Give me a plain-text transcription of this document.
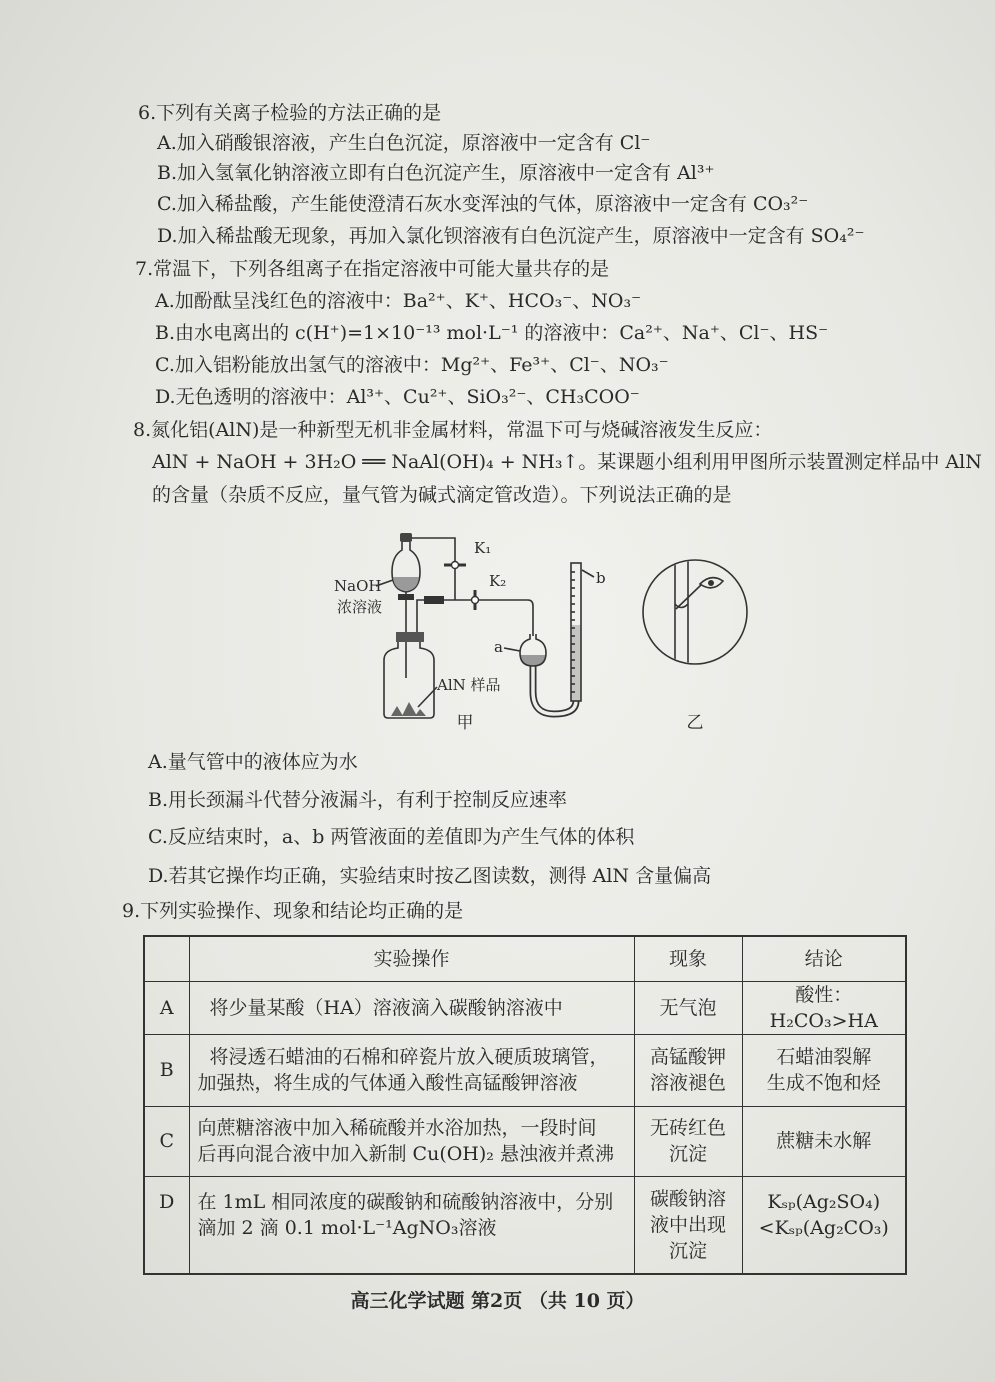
6.下列有关离子检验的方法正确的是
A.加入硝酸银溶液，产生白色沉淀，原溶液中一定含有 Cl⁻
B.加入氢氧化钠溶液立即有白色沉淀产生，原溶液中一定含有 Al³⁺
C.加入稀盐酸，产生能使澄清石灰水变浑浊的气体，原溶液中一定含有 CO₃²⁻
D.加入稀盐酸无现象，再加入氯化钡溶液有白色沉淀产生，原溶液中一定含有 SO₄²⁻
7.常温下，下列各组离子在指定溶液中可能大量共存的是
A.加酚酞呈浅红色的溶液中：Ba²⁺、K⁺、HCO₃⁻、NO₃⁻
B.由水电离出的 c(H⁺)=1×10⁻¹³ mol·L⁻¹ 的溶液中：Ca²⁺、Na⁺、Cl⁻、HS⁻
C.加入铝粉能放出氢气的溶液中：Mg²⁺、Fe³⁺、Cl⁻、NO₃⁻
D.无色透明的溶液中：Al³⁺、Cu²⁺、SiO₃²⁻、CH₃COO⁻
8.氮化铝(AlN)是一种新型无机非金属材料，常温下可与烧碱溶液发生反应：
AlN + NaOH + 3H₂O ══ NaAl(OH)₄ + NH₃↑。某课题小组利用甲图所示装置测定样品中 AlN
的含量（杂质不反应，量气管为碱式滴定管改造）。下列说法正确的是
K₁
K₂
AlN 样品
NaOH
浓溶液
a
b
甲	乙
A.量气管中的液体应为水
B.用长颈漏斗代替分液漏斗，有利于控制反应速率
C.反应结束时，a、b 两管液面的差值即为产生气体的体积
D.若其它操作均正确，实验结束时按乙图读数，测得 AlN 含量偏高
9.下列实验操作、现象和结论均正确的是
	实验操作	现象	结论
A	将少量某酸（HA）溶液滴入碳酸钠溶液中	无气泡	酸性：H₂CO₃>HA
B	将浸透石蜡油的石棉和碎瓷片放入硬质玻璃管，
加强热，将生成的气体通入酸性高锰酸钾溶液	高锰酸钾
溶液褪色	石蜡油裂解
生成不饱和烃
C	向蔗糖溶液中加入稀硫酸并水浴加热，一段时间
后再向混合液中加入新制 Cu(OH)₂ 悬浊液并煮沸	无砖红色
沉淀	蔗糖未水解
D	在 1mL 相同浓度的碳酸钠和硫酸钠溶液中，分别
滴加 2 滴 0.1 mol·L⁻¹AgNO₃溶液	碳酸钠溶
液中出现
沉淀	Kₛₚ(Ag₂SO₄)
<Kₛₚ(Ag₂CO₃)
高三化学试题 第2页 （共 10 页）
